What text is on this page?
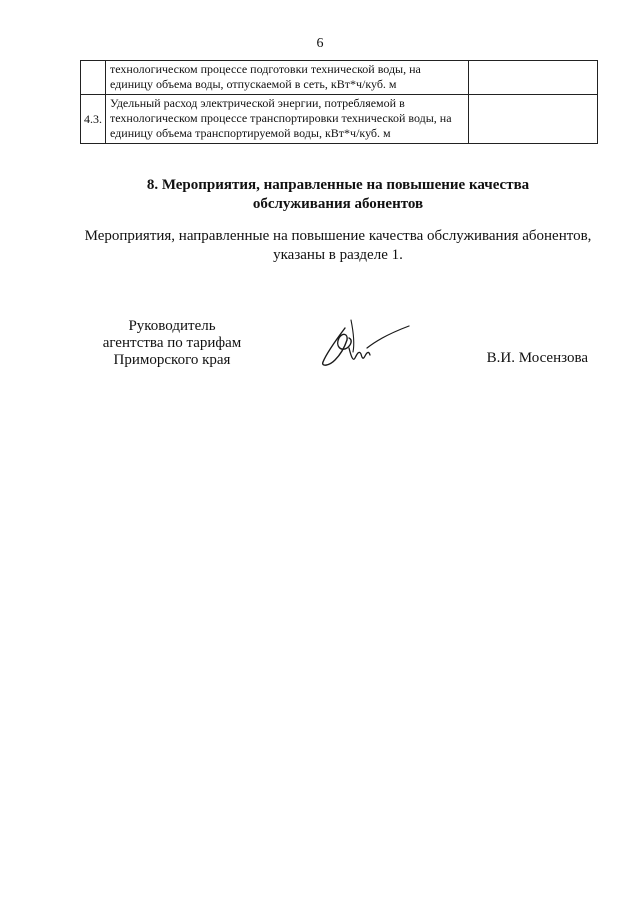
6
	технологическом процессе подготовки технической воды, на единицу объема воды, отпускаемой в сеть, кВт*ч/куб. м	
4.3.	Удельный расход электрической энергии, потребляемой в технологическом процессе транспортировки технической воды, на единицу объема транспортируемой воды, кВт*ч/куб. м	
8. Мероприятия, направленные на повышение качества
обслуживания абонентов
Мероприятия, направленные на повышение качества обслуживания абонентов,
указаны в разделе 1.
Руководитель
агентства по тарифам
Приморского края	В.И. Мосензова
